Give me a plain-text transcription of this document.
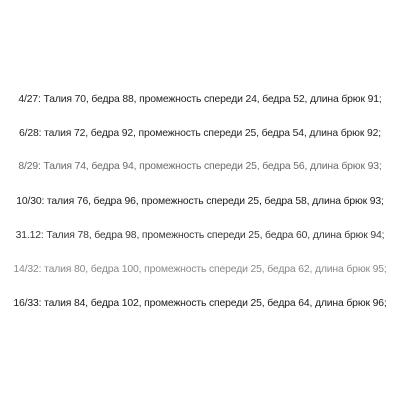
4/27: Талия 70, бедра 88, промежность спереди 24, бедра 52, длина брюк 91;
6/28: талия 72, бедра 92, промежность спереди 25, бедра 54, длина брюк 92;
8/29: Талия 74, бедра 94, промежность спереди 25, бедра 56, длина брюк 93;
10/30: талия 76, бедра 96, промежность спереди 25, бедра 58, длина брюк 93;
31.12: Талия 78, бедра 98, промежность спереди 25, бедра 60, длина брюк 94;
14/32: талия 80, бедра 100, промежность спереди 25, бедра 62, длина брюк 95;
16/33: талия 84, бедра 102, промежность спереди 25, бедра 64, длина брюк 96;
